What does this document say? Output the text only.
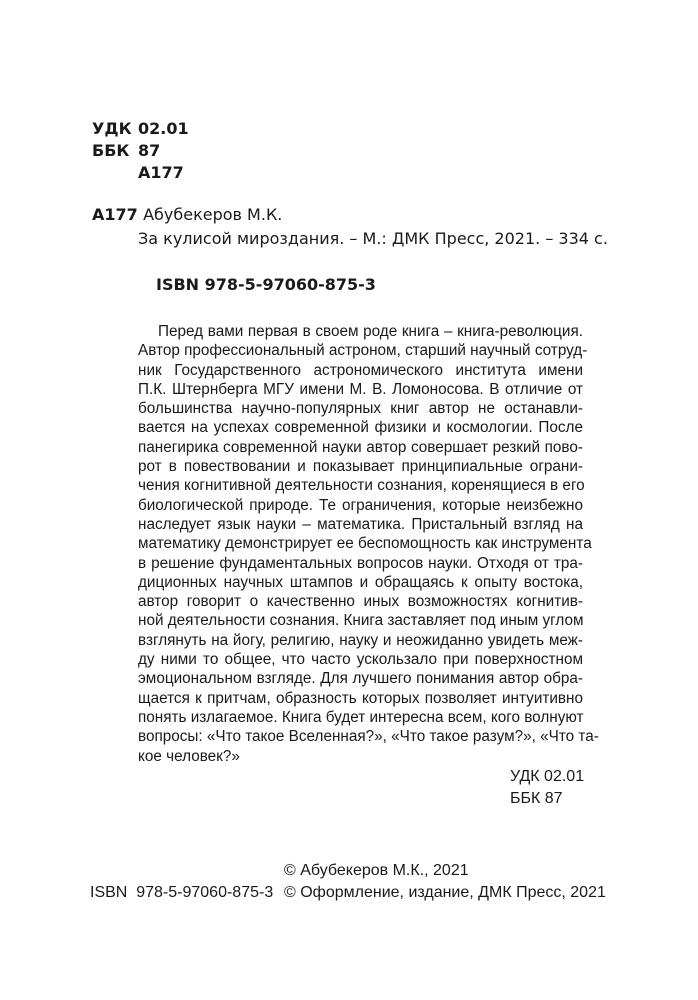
УДК 02.01
ББК 87
А177
А177 Абубекеров М.К.
За кулисой мироздания. – М.: ДМК Пресс, 2021. – 334 с.
ISBN 978-5-97060-875-3
Перед вами первая в своем роде книга – книга-революция.
Автор профессиональный астроном, старший научный сотруд-
ник Государственного астрономического института имени
П.К. Штернберга МГУ имени М. В. Ломоносова. В отличие от
большинства научно-популярных книг автор не останавли-
вается на успехах современной физики и космологии. После
панегирика современной науки автор совершает резкий пово-
рот в повествовании и показывает принципиальные ограни-
чения когнитивной деятельности сознания, коренящиеся в его
биологической природе. Те ограничения, которые неизбежно
наследует язык науки – математика. Пристальный взгляд на
математику демонстрирует ее беспомощность как инструмента
в решение фундаментальных вопросов науки. Отходя от тра-
диционных научных штампов и обращаясь к опыту востока,
автор говорит о качественно иных возможностях когнитив-
ной деятельности сознания. Книга заставляет под иным углом
взглянуть на йогу, религию, науку и неожиданно увидеть меж-
ду ними то общее, что часто ускользало при поверхностном
эмоциональном взгляде. Для лучшего понимания автор обра-
щается к притчам, образность которых позволяет интуитивно
понять излагаемое. Книга будет интересна всем, кого волнуют
вопросы: «Что такое Вселенная?», «Что такое разум?», «Что та-
кое человек?»
УДК 02.01
ББК 87
© Абубекеров М.К., 2021
© Оформление, издание, ДМК Пресс, 2021
ISBN  978-5-97060-875-3
